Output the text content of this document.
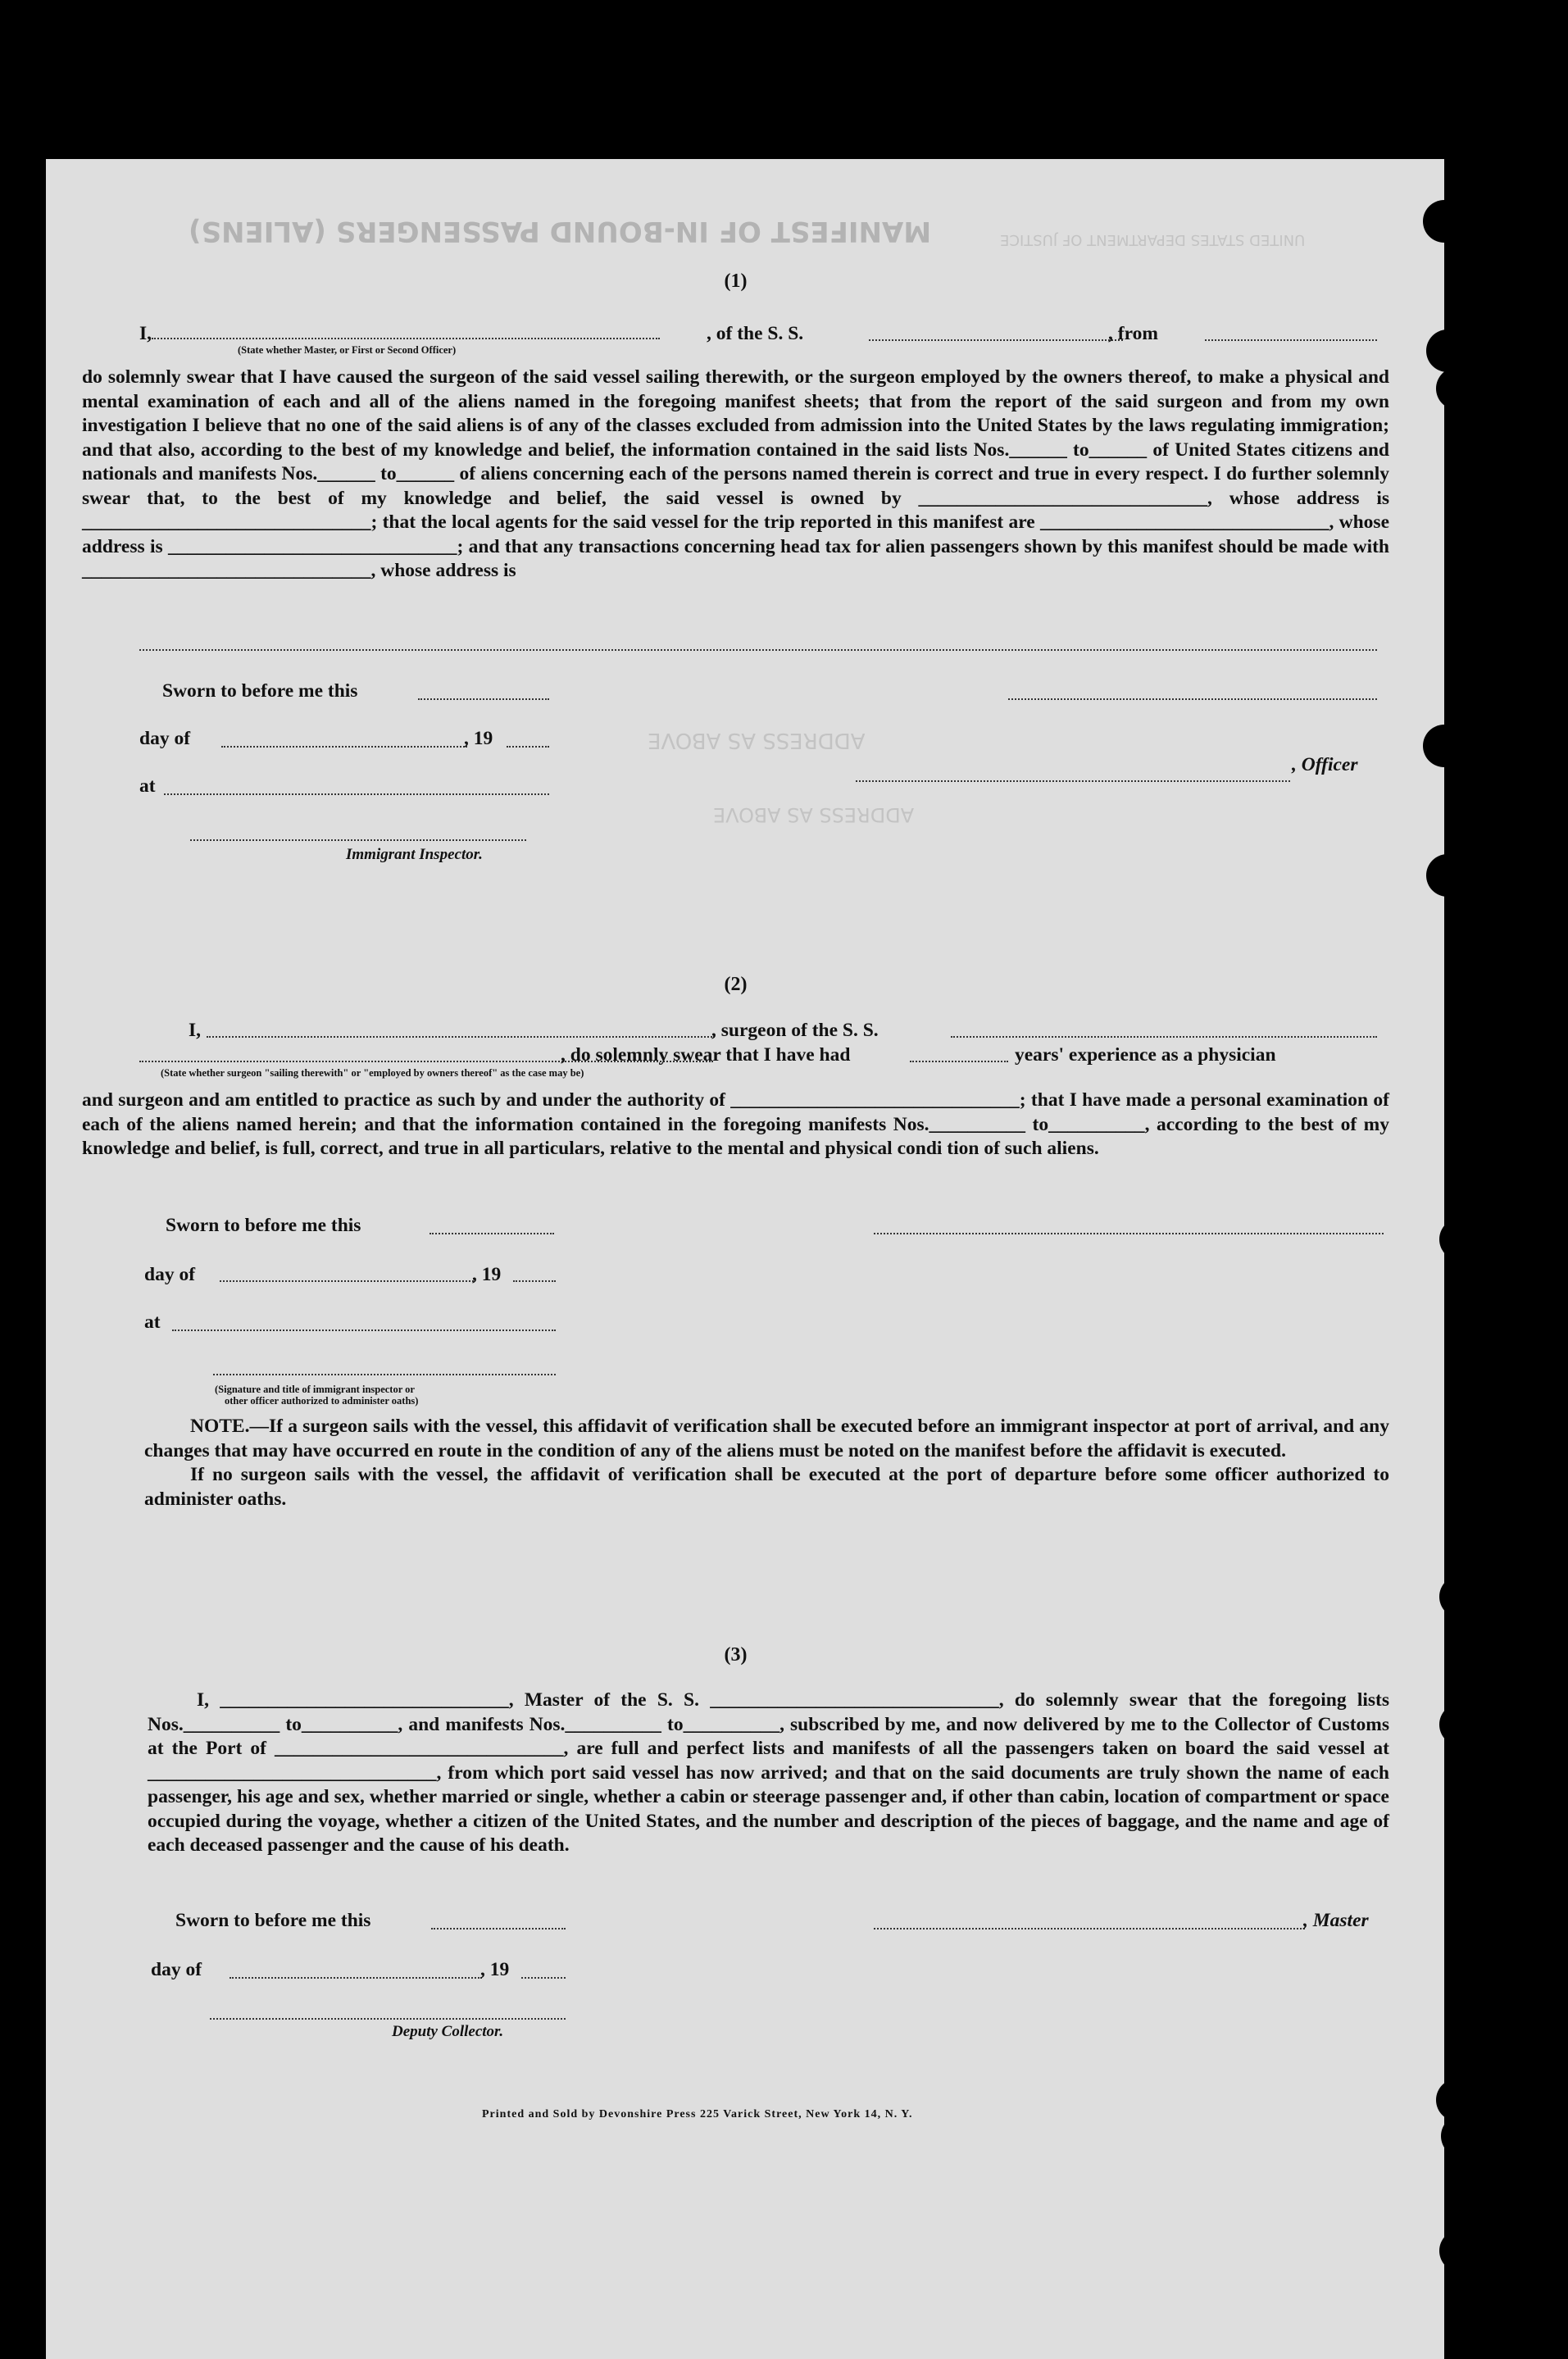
MANIFEST OF IN-BOUND PASSENGERS (ALIENS)	UNITED STATES DEPARTMENT OF JUSTICE
ADDRESS AS ABOVE
ADDRESS AS ABOVE
(1)
I,	, of the S. S.	, from
(State whether Master, or First or Second Officer)

do solemnly swear that I have caused the surgeon of the said vessel sailing therewith, or the surgeon employed by the owners thereof, to make a physical and mental examination of each and all of the aliens named in the foregoing manifest sheets; that from the report of the said surgeon and from my own investigation I believe that no one of the said aliens is of any of the classes excluded from admission into the United States by the laws regulating immigration; and that also, according to the best of my knowledge and belief, the information contained in the said lists Nos.______ to______ of United States citizens and nationals and manifests Nos.______ to______ of aliens concerning each of the persons named therein is correct and true in every respect. I do further solemnly swear that, to the best of my knowledge and belief, the said vessel is owned by ______________________________, whose address is ______________________________; that the local agents for the said vessel for the trip reported in this manifest are ______________________________, whose address is ______________________________; and that any transactions concerning head tax for alien passengers shown by this manifest should be made with ______________________________, whose address is

Sworn to before me this
day of	, 19
at
, Officer
Immigrant Inspector.
(2)
I,	, surgeon of the S. S.
, do solemnly swear that I have had	years' experience as a physician
(State whether surgeon "sailing therewith" or "employed by owners thereof" as the case may be)

and surgeon and am entitled to practice as such by and under the authority of ______________________________; that I have made a personal examination of each of the aliens named herein; and that the information contained in the foregoing manifests Nos.__________ to__________, according to the best of my knowledge and belief, is full, correct, and true in all particulars, relative to the mental and physical condi tion of such aliens.

Sworn to before me this
day of	, 19
at
(Signature and title of immigrant inspector or
other officer authorized to administer oaths)

NOTE.—If a surgeon sails with the vessel, this affidavit of verification shall be executed before an immigrant inspector at port of arrival, and any changes that may have occurred en route in the condition of any of the aliens must be noted on the manifest before the affidavit is executed.

If no surgeon sails with the vessel, the affidavit of verification shall be executed at the port of departure before some officer authorized to administer oaths.

(3)

I, ______________________________, Master of the S. S. ______________________________, do solemnly swear that the foregoing lists Nos.__________ to__________, and manifests Nos.__________ to__________, subscribed by me, and now delivered by me to the Collector of Customs at the Port of ______________________________, are full and perfect lists and manifests of all the passengers taken on board the said vessel at ______________________________, from which port said vessel has now arrived; and that on the said documents are truly shown the name of each passenger, his age and sex, whether married or single, whether a cabin or steerage passenger and, if other than cabin, location of compartment or space occupied during the voyage, whether a citizen of the United States, and the number and description of the pieces of baggage, and the name and age of each deceased passenger and the cause of his death.

Sworn to before me this	, Master
day of	, 19
Deputy Collector.
Printed and Sold by Devonshire Press 225 Varick Street, New York 14, N. Y.
